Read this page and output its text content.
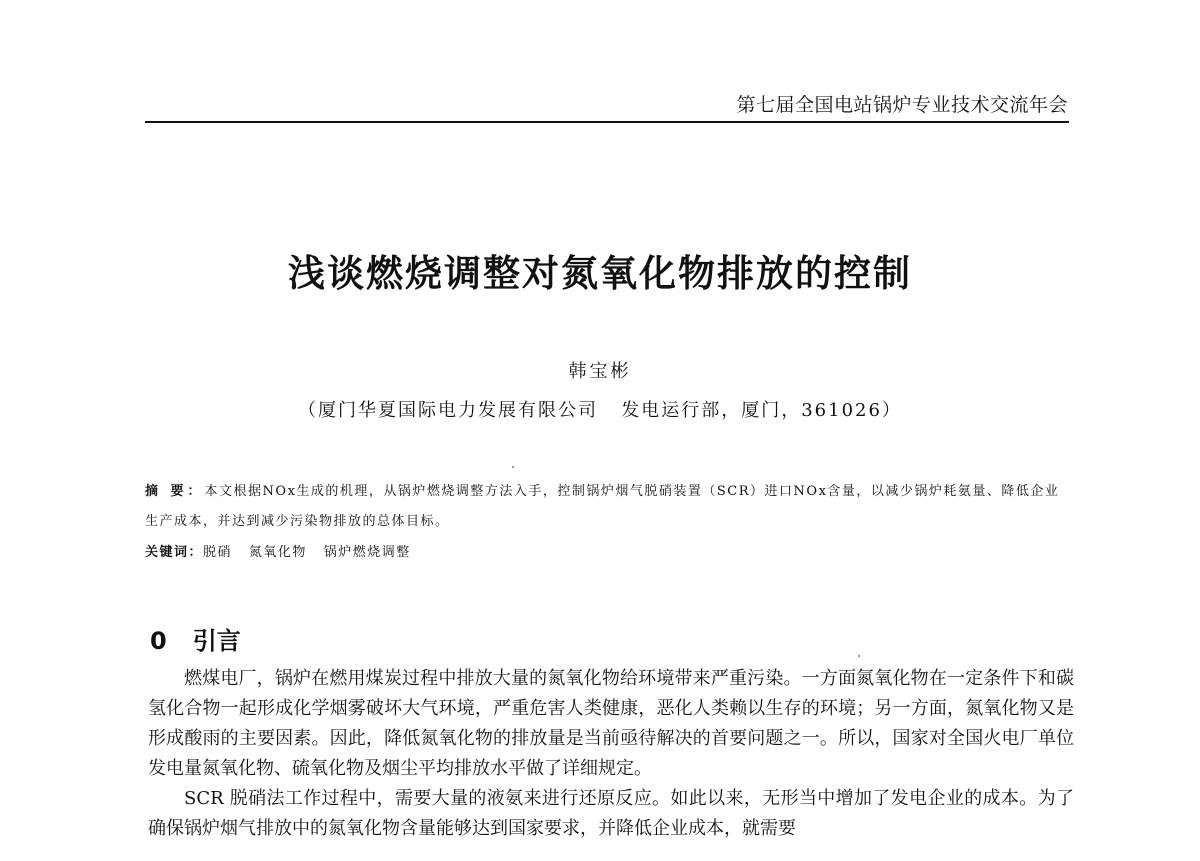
第七届全国电站锅炉专业技术交流年会
浅谈燃烧调整对氮氧化物排放的控制
韩宝彬
（厦门华夏国际电力发展有限公司   发电运行部，厦门，361026）
摘 要：本文根据NOx生成的机理，从锅炉燃烧调整方法入手，控制锅炉烟气脱硝装置（SCR）进口NOx含量，以减少锅炉耗氨量、降低企业生产成本，并达到减少污染物排放的总体目标。
关键词：脱硝   氮氧化物   锅炉燃烧调整
0 引言

燃煤电厂，锅炉在燃用煤炭过程中排放大量的氮氧化物给环境带来严重污染。一方面氮氧化物在一定条件下和碳氢化合物一起形成化学烟雾破坏大气环境，严重危害人类健康，恶化人类赖以生存的环境；另一方面，氮氧化物又是形成酸雨的主要因素。因此，降低氮氧化物的排放量是当前亟待解决的首要问题之一。所以，国家对全国火电厂单位发电量氮氧化物、硫氧化物及烟尘平均排放水平做了详细规定。

SCR 脱硝法工作过程中，需要大量的液氨来进行还原反应。如此以来，无形当中增加了发电企业的成本。为了确保锅炉烟气排放中的氮氧化物含量能够达到国家要求，并降低企业成本，就需要
